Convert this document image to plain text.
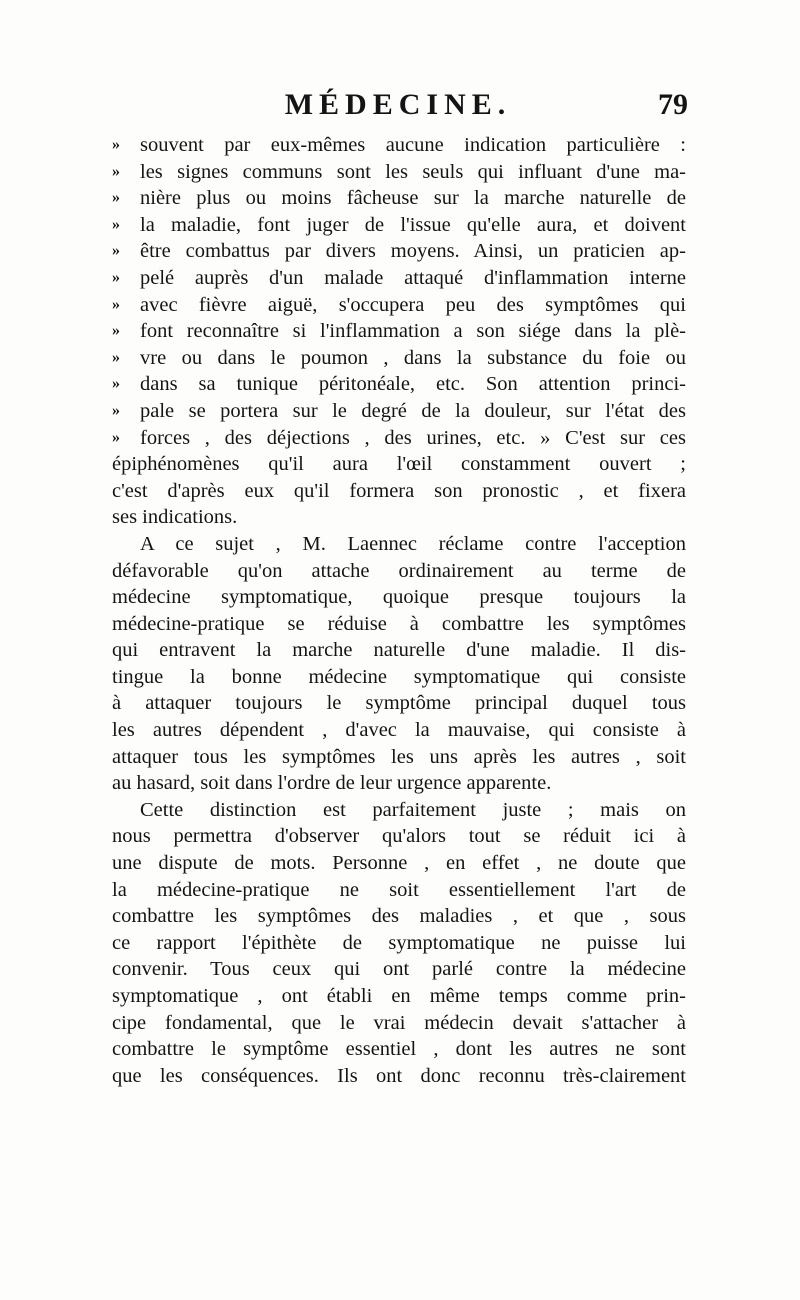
MÉDECINE.	79
» souvent par eux-mêmes aucune indication particulière :
» les signes communs sont les seuls qui influant d'une ma-
» nière plus ou moins fâcheuse sur la marche naturelle de
» la maladie, font juger de l'issue qu'elle aura, et doivent
» être combattus par divers moyens. Ainsi, un praticien ap-
» pelé auprès d'un malade attaqué d'inflammation interne
» avec fièvre aiguë, s'occupera peu des symptômes qui
» font reconnaître si l'inflammation a son siége dans la plè-
» vre ou dans le poumon , dans la substance du foie ou
» dans sa tunique péritonéale, etc. Son attention princi-
» pale se portera sur le degré de la douleur, sur l'état des
» forces , des déjections , des urines, etc. » C'est sur ces
épiphénomènes qu'il aura l'œil constamment ouvert ;
c'est d'après eux qu'il formera son pronostic , et fixera
ses indications.
A ce sujet , M. Laennec réclame contre l'acception
défavorable qu'on attache ordinairement au terme de
médecine symptomatique, quoique presque toujours la
médecine-pratique se réduise à combattre les symptômes
qui entravent la marche naturelle d'une maladie. Il dis-
tingue la bonne médecine symptomatique qui consiste
à attaquer toujours le symptôme principal duquel tous
les autres dépendent , d'avec la mauvaise, qui consiste à
attaquer tous les symptômes les uns après les autres , soit
au hasard, soit dans l'ordre de leur urgence apparente.
Cette distinction est parfaitement juste ; mais on
nous permettra d'observer qu'alors tout se réduit ici à
une dispute de mots. Personne , en effet , ne doute que
la médecine-pratique ne soit essentiellement l'art de
combattre les symptômes des maladies , et que , sous
ce rapport l'épithète de symptomatique ne puisse lui
convenir. Tous ceux qui ont parlé contre la médecine
symptomatique , ont établi en même temps comme prin-
cipe fondamental, que le vrai médecin devait s'attacher à
combattre le symptôme essentiel , dont les autres ne sont
que les conséquences. Ils ont donc reconnu très-clairement
